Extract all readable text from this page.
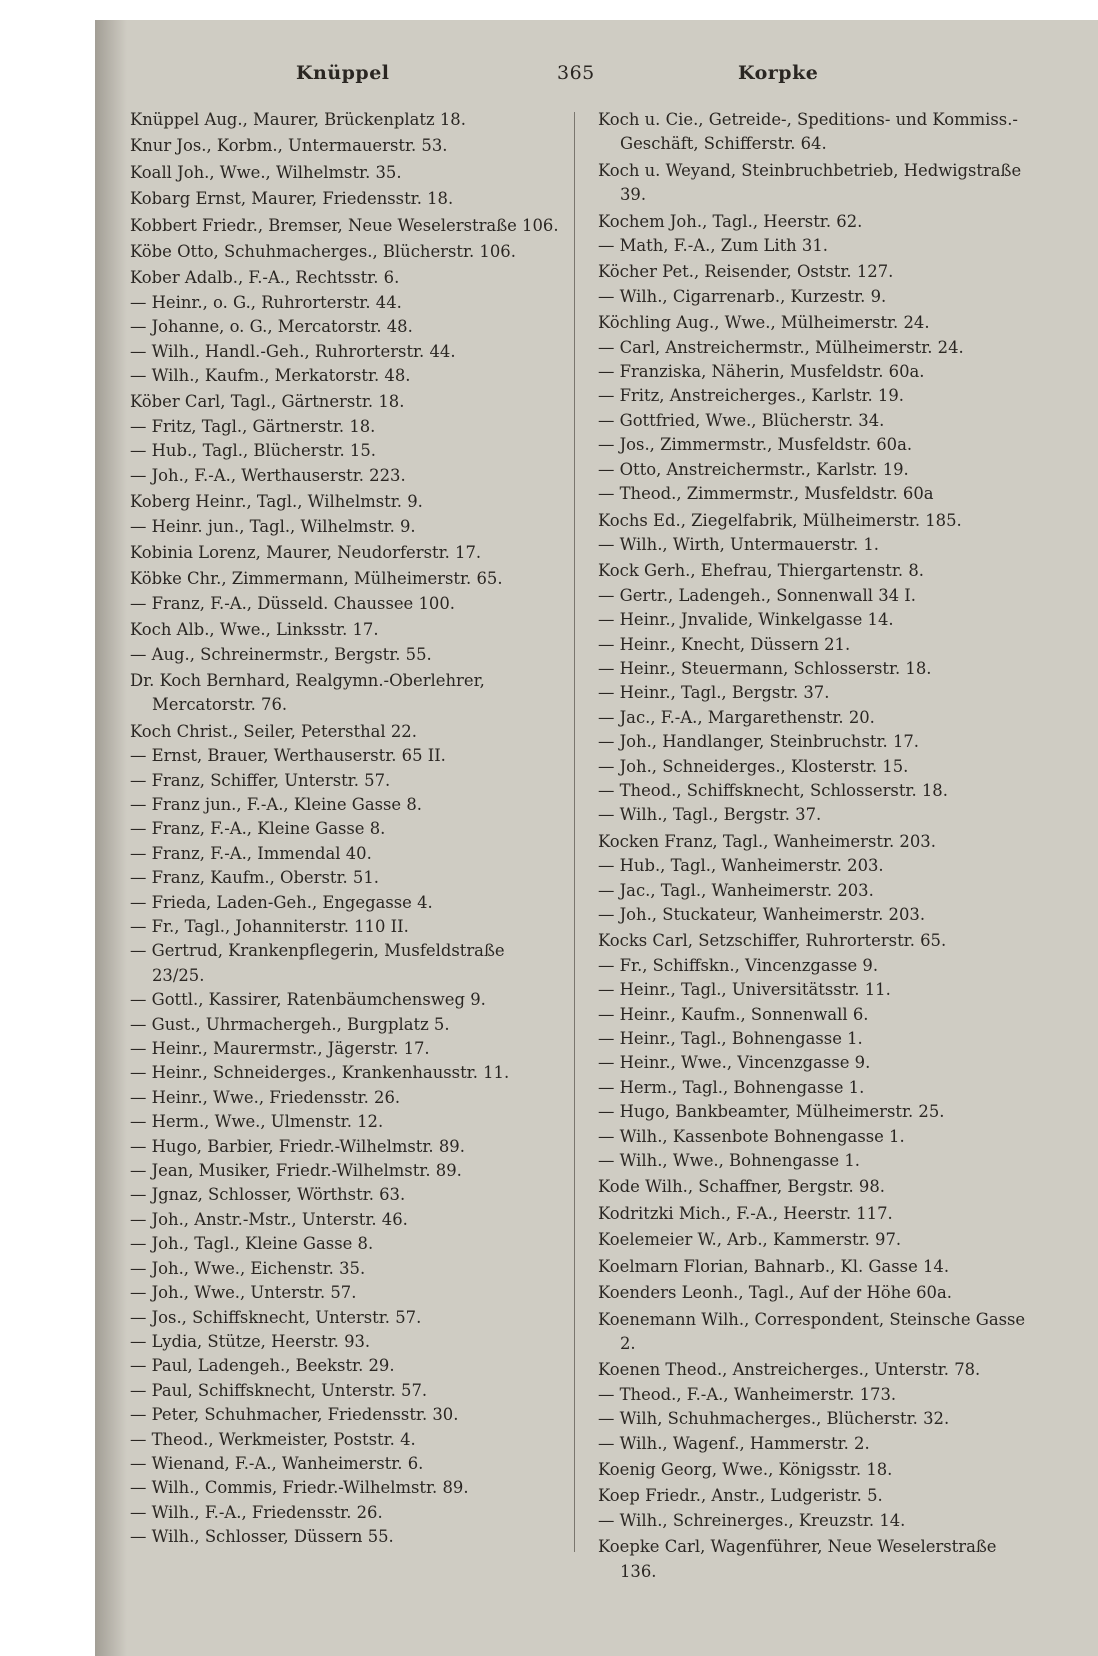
Knüppel	365	Korpke
Knüppel Aug., Maurer, Brückenplatz 18.
Knur Jos., Korbm., Untermauerstr. 53.
Koall Joh., Wwe., Wilhelmstr. 35.
Kobarg Ernst, Maurer, Friedensstr. 18.
Kobbert Friedr., Bremser, Neue Weselerstraße 106.
Köbe Otto, Schuhmacherges., Blücherstr. 106.
Kober Adalb., F.-A., Rechtsstr. 6.
— Heinr., o. G., Ruhrorterstr. 44.
— Johanne, o. G., Mercatorstr. 48.
— Wilh., Handl.-Geh., Ruhrorterstr. 44.
— Wilh., Kaufm., Merkatorstr. 48.
Köber Carl, Tagl., Gärtnerstr. 18.
— Fritz, Tagl., Gärtnerstr. 18.
— Hub., Tagl., Blücherstr. 15.
— Joh., F.-A., Werthauserstr. 223.
Koberg Heinr., Tagl., Wilhelmstr. 9.
— Heinr. jun., Tagl., Wilhelmstr. 9.
Kobinia Lorenz, Maurer, Neudorferstr. 17.
Köbke Chr., Zimmermann, Mülheimerstr. 65.
— Franz, F.-A., Düsseld. Chaussee 100.
Koch Alb., Wwe., Linksstr. 17.
— Aug., Schreinermstr., Bergstr. 55.
Dr. Koch Bernhard, Realgymn.-Oberlehrer, Mercatorstr. 76.
Koch Christ., Seiler, Petersthal 22.
— Ernst, Brauer, Werthauserstr. 65 II.
— Franz, Schiffer, Unterstr. 57.
— Franz jun., F.-A., Kleine Gasse 8.
— Franz, F.-A., Kleine Gasse 8.
— Franz, F.-A., Immendal 40.
— Franz, Kaufm., Oberstr. 51.
— Frieda, Laden-Geh., Engegasse 4.
— Fr., Tagl., Johanniterstr. 110 II.
— Gertrud, Krankenpflegerin, Musfeldstraße 23/25.
— Gottl., Kassirer, Ratenbäumchensweg 9.
— Gust., Uhrmachergeh., Burgplatz 5.
— Heinr., Maurermstr., Jägerstr. 17.
— Heinr., Schneiderges., Krankenhausstr. 11.
— Heinr., Wwe., Friedensstr. 26.
— Herm., Wwe., Ulmenstr. 12.
— Hugo, Barbier, Friedr.-Wilhelmstr. 89.
— Jean, Musiker, Friedr.-Wilhelmstr. 89.
— Jgnaz, Schlosser, Wörthstr. 63.
— Joh., Anstr.-Mstr., Unterstr. 46.
— Joh., Tagl., Kleine Gasse 8.
— Joh., Wwe., Eichenstr. 35.
— Joh., Wwe., Unterstr. 57.
— Jos., Schiffsknecht, Unterstr. 57.
— Lydia, Stütze, Heerstr. 93.
— Paul, Ladengeh., Beekstr. 29.
— Paul, Schiffsknecht, Unterstr. 57.
— Peter, Schuhmacher, Friedensstr. 30.
— Theod., Werkmeister, Poststr. 4.
— Wienand, F.-A., Wanheimerstr. 6.
— Wilh., Commis, Friedr.-Wilhelmstr. 89.
— Wilh., F.-A., Friedensstr. 26.
— Wilh., Schlosser, Düssern 55.
Koch u. Cie., Getreide-, Speditions- und Kommiss.-Geschäft, Schifferstr. 64.
Koch u. Weyand, Steinbruchbetrieb, Hedwigstraße 39.
Kochem Joh., Tagl., Heerstr. 62.
— Math, F.-A., Zum Lith 31.
Köcher Pet., Reisender, Oststr. 127.
— Wilh., Cigarrenarb., Kurzestr. 9.
Köchling Aug., Wwe., Mülheimerstr. 24.
— Carl, Anstreichermstr., Mülheimerstr. 24.
— Franziska, Näherin, Musfeldstr. 60a.
— Fritz, Anstreicherges., Karlstr. 19.
— Gottfried, Wwe., Blücherstr. 34.
— Jos., Zimmermstr., Musfeldstr. 60a.
— Otto, Anstreichermstr., Karlstr. 19.
— Theod., Zimmermstr., Musfeldstr. 60a
Kochs Ed., Ziegelfabrik, Mülheimerstr. 185.
— Wilh., Wirth, Untermauerstr. 1.
Kock Gerh., Ehefrau, Thiergartenstr. 8.
— Gertr., Ladengeh., Sonnenwall 34 I.
— Heinr., Jnvalide, Winkelgasse 14.
— Heinr., Knecht, Düssern 21.
— Heinr., Steuermann, Schlosserstr. 18.
— Heinr., Tagl., Bergstr. 37.
— Jac., F.-A., Margarethenstr. 20.
— Joh., Handlanger, Steinbruchstr. 17.
— Joh., Schneiderges., Klosterstr. 15.
— Theod., Schiffsknecht, Schlosserstr. 18.
— Wilh., Tagl., Bergstr. 37.
Kocken Franz, Tagl., Wanheimerstr. 203.
— Hub., Tagl., Wanheimerstr. 203.
— Jac., Tagl., Wanheimerstr. 203.
— Joh., Stuckateur, Wanheimerstr. 203.
Kocks Carl, Setzschiffer, Ruhrorterstr. 65.
— Fr., Schiffskn., Vincenzgasse 9.
— Heinr., Tagl., Universitätsstr. 11.
— Heinr., Kaufm., Sonnenwall 6.
— Heinr., Tagl., Bohnengasse 1.
— Heinr., Wwe., Vincenzgasse 9.
— Herm., Tagl., Bohnengasse 1.
— Hugo, Bankbeamter, Mülheimerstr. 25.
— Wilh., Kassenbote Bohnengasse 1.
— Wilh., Wwe., Bohnengasse 1.
Kode Wilh., Schaffner, Bergstr. 98.
Kodritzki Mich., F.-A., Heerstr. 117.
Koelemeier W., Arb., Kammerstr. 97.
Koelmarn Florian, Bahnarb., Kl. Gasse 14.
Koenders Leonh., Tagl., Auf der Höhe 60a.
Koenemann Wilh., Correspondent, Steinsche Gasse 2.
Koenen Theod., Anstreicherges., Unterstr. 78.
— Theod., F.-A., Wanheimerstr. 173.
— Wilh, Schuhmacherges., Blücherstr. 32.
— Wilh., Wagenf., Hammerstr. 2.
Koenig Georg, Wwe., Königsstr. 18.
Koep Friedr., Anstr., Ludgeristr. 5.
— Wilh., Schreinerges., Kreuzstr. 14.
Koepke Carl, Wagenführer, Neue Weselerstraße 136.
